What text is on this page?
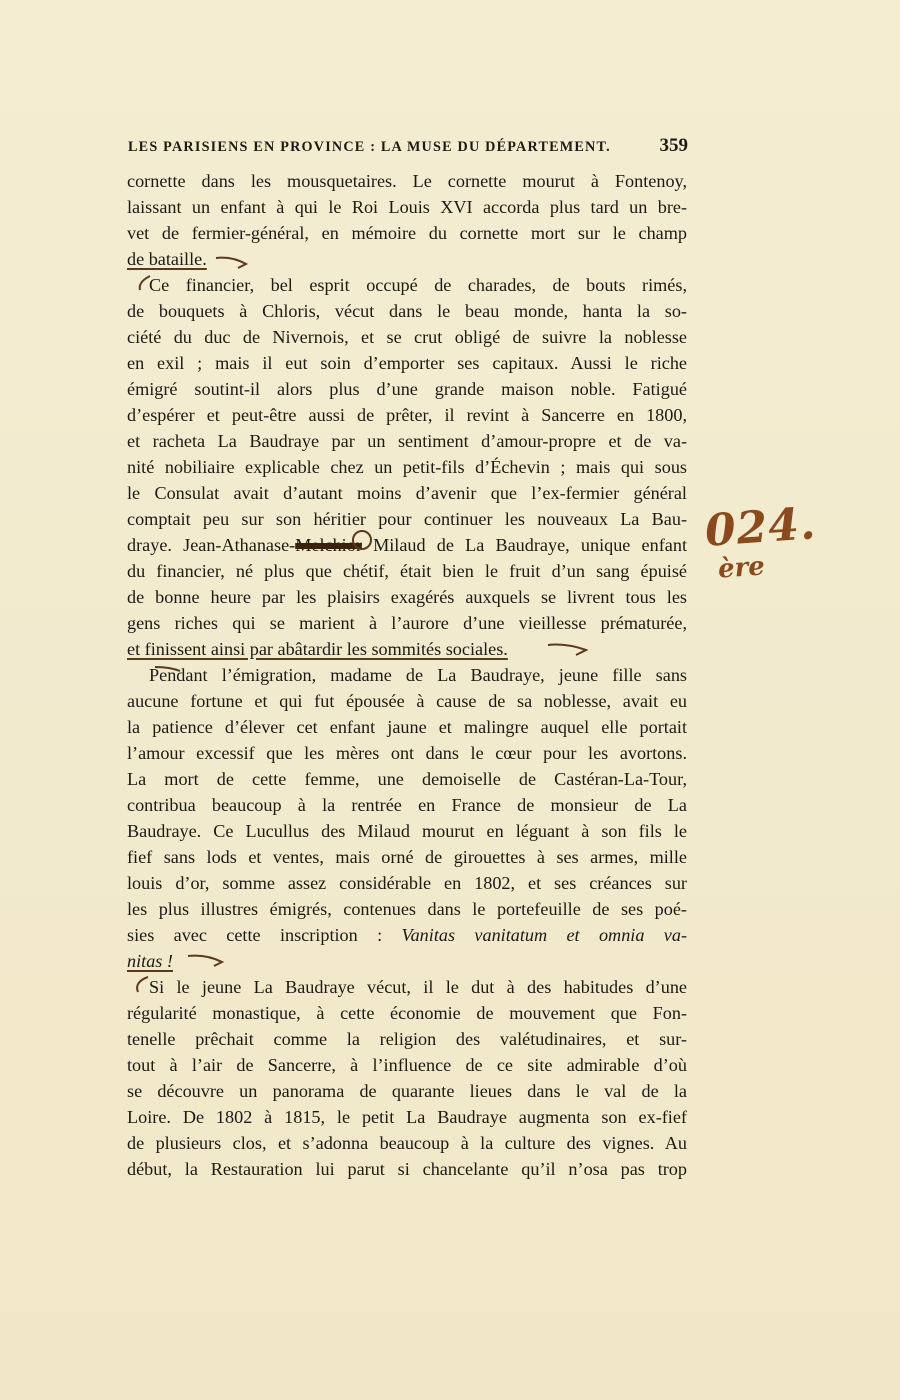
LES PARISIENS EN PROVINCE : LA MUSE DU DÉPARTEMENT.	359
cornette dans les mousquetaires. Le cornette mourut à Fontenoy,
laissant un enfant à qui le Roi Louis XVI accorda plus tard un bre-
vet de fermier-général, en mémoire du cornette mort sur le champ
de bataille.
Ce financier, bel esprit occupé de charades, de bouts rimés,
de bouquets à Chloris, vécut dans le beau monde, hanta la so-
ciété du duc de Nivernois, et se crut obligé de suivre la noblesse
en exil ; mais il eut soin d’emporter ses capitaux. Aussi le riche
émigré soutint-il alors plus d’une grande maison noble. Fatigué
d’espérer et peut-être aussi de prêter, il revint à Sancerre en 1800,
et racheta La Baudraye par un sentiment d’amour-propre et de va-
nité nobiliaire explicable chez un petit-fils d’Échevin ; mais qui sous
le Consulat avait d’autant moins d’avenir que l’ex-fermier général
comptait peu sur son héritier pour continuer les nouveaux La Bau-
draye. Jean-Athanase-Melchior Milaud de La Baudraye, unique enfant
du financier, né plus que chétif, était bien le fruit d’un sang épuisé
de bonne heure par les plaisirs exagérés auxquels se livrent tous les
gens riches qui se marient à l’aurore d’une vieillesse prématurée,
et finissent ainsi par abâtardir les sommités sociales.
Pendant l’émigration, madame de La Baudraye, jeune fille sans
aucune fortune et qui fut épousée à cause de sa noblesse, avait eu
la patience d’élever cet enfant jaune et malingre auquel elle portait
l’amour excessif que les mères ont dans le cœur pour les avortons.
La mort de cette femme, une demoiselle de Castéran-La-Tour,
contribua beaucoup à la rentrée en France de monsieur de La
Baudraye. Ce Lucullus des Milaud mourut en léguant à son fils le
fief sans lods et ventes, mais orné de girouettes à ses armes, mille
louis d’or, somme assez considérable en 1802, et ses créances sur
les plus illustres émigrés, contenues dans le portefeuille de ses poé-
sies avec cette inscription : Vanitas vanitatum et omnia va-
nitas !
Si le jeune La Baudraye vécut, il le dut à des habitudes d’une
régularité monastique, à cette économie de mouvement que Fon-
tenelle prêchait comme la religion des valétudinaires, et sur-
tout à l’air de Sancerre, à l’influence de ce site admirable d’où
se découvre un panorama de quarante lieues dans le val de la
Loire. De 1802 à 1815, le petit La Baudraye augmenta son ex-fief
de plusieurs clos, et s’adonna beaucoup à la culture des vignes. Au
début, la Restauration lui parut si chancelante qu’il n’osa pas trop
024.
ère
